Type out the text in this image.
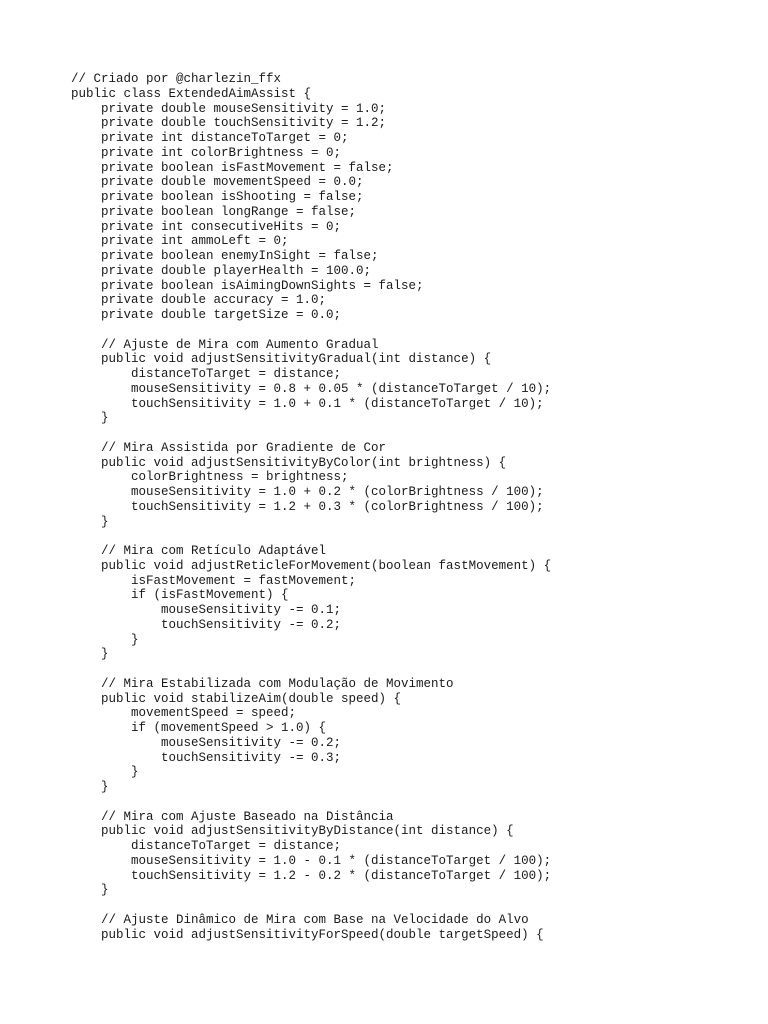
// Criado por @charlezin_ffx
public class ExtendedAimAssist {
private double mouseSensitivity = 1.0;
private double touchSensitivity = 1.2;
private int distanceToTarget = 0;
private int colorBrightness = 0;
private boolean isFastMovement = false;
private double movementSpeed = 0.0;
private boolean isShooting = false;
private boolean longRange = false;
private int consecutiveHits = 0;
private int ammoLeft = 0;
private boolean enemyInSight = false;
private double playerHealth = 100.0;
private boolean isAimingDownSights = false;
private double accuracy = 1.0;
private double targetSize = 0.0;
// Ajuste de Mira com Aumento Gradual
public void adjustSensitivityGradual(int distance) {
distanceToTarget = distance;
mouseSensitivity = 0.8 + 0.05 * (distanceToTarget / 10);
touchSensitivity = 1.0 + 0.1 * (distanceToTarget / 10);
}
// Mira Assistida por Gradiente de Cor
public void adjustSensitivityByColor(int brightness) {
colorBrightness = brightness;
mouseSensitivity = 1.0 + 0.2 * (colorBrightness / 100);
touchSensitivity = 1.2 + 0.3 * (colorBrightness / 100);
}
// Mira com Retículo Adaptável
public void adjustReticleForMovement(boolean fastMovement) {
isFastMovement = fastMovement;
if (isFastMovement) {
mouseSensitivity -= 0.1;
touchSensitivity -= 0.2;
}
}
// Mira Estabilizada com Modulação de Movimento
public void stabilizeAim(double speed) {
movementSpeed = speed;
if (movementSpeed > 1.0) {
mouseSensitivity -= 0.2;
touchSensitivity -= 0.3;
}
}
// Mira com Ajuste Baseado na Distância
public void adjustSensitivityByDistance(int distance) {
distanceToTarget = distance;
mouseSensitivity = 1.0 - 0.1 * (distanceToTarget / 100);
touchSensitivity = 1.2 - 0.2 * (distanceToTarget / 100);
}
// Ajuste Dinâmico de Mira com Base na Velocidade do Alvo
public void adjustSensitivityForSpeed(double targetSpeed) {
